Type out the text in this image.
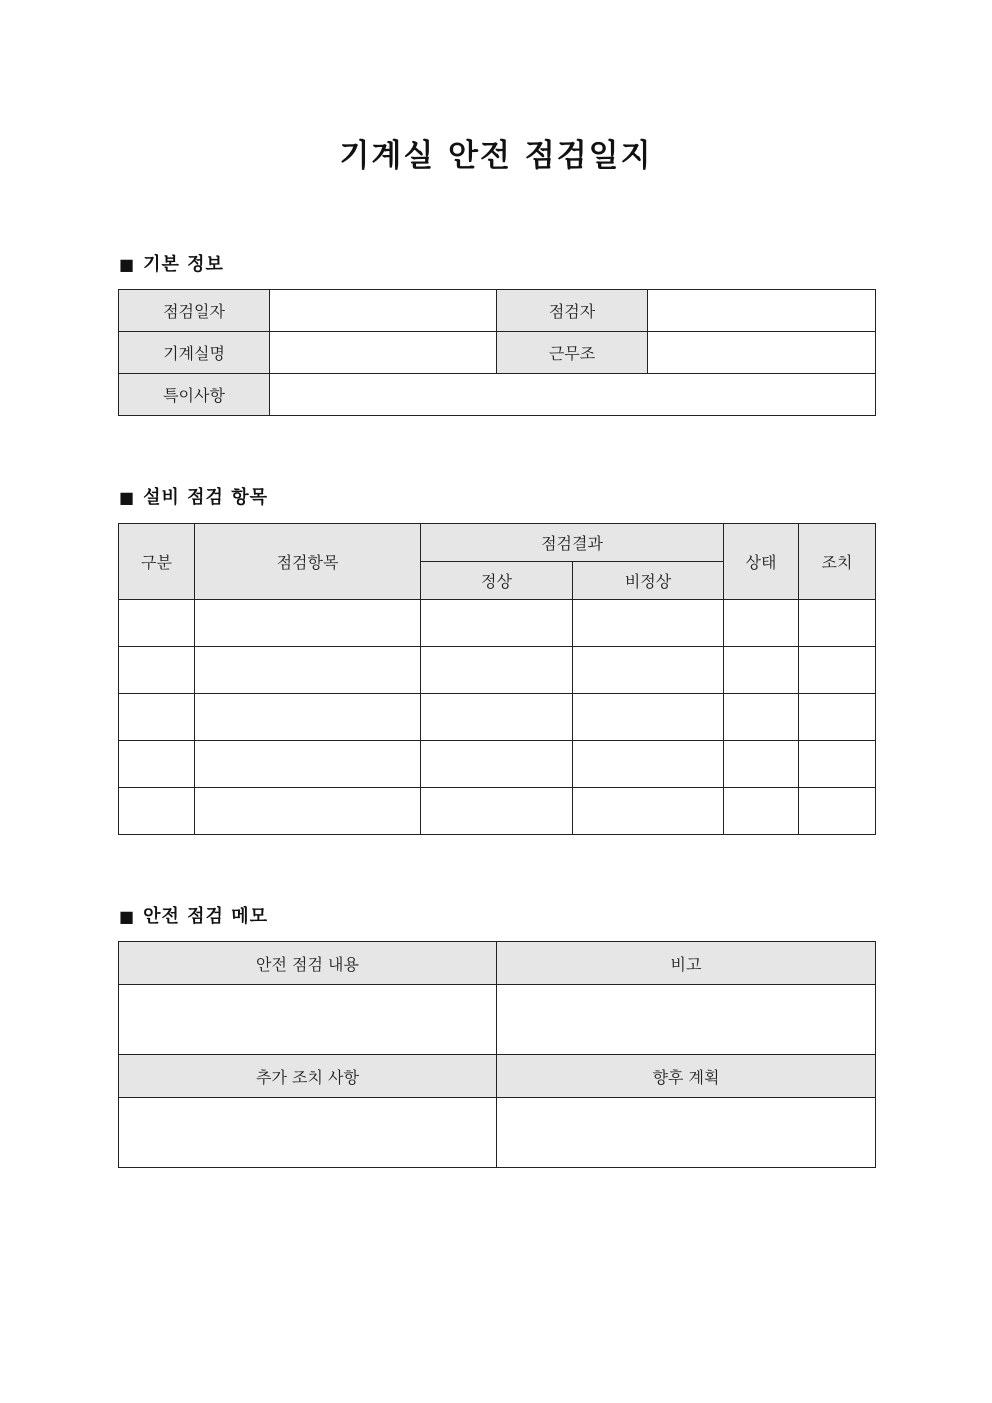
기계실 안전 점검일지
■ 기본 정보
점검일자		점검자	
기계실명		근무조	
특이사항			
■ 설비 점검 항목
구분	점검항목	점검결과		상태	조치
		정상	비정상		

■ 안전 점검 메모
안전 점검 내용	비고

추가 조치 사항	향후 계획
